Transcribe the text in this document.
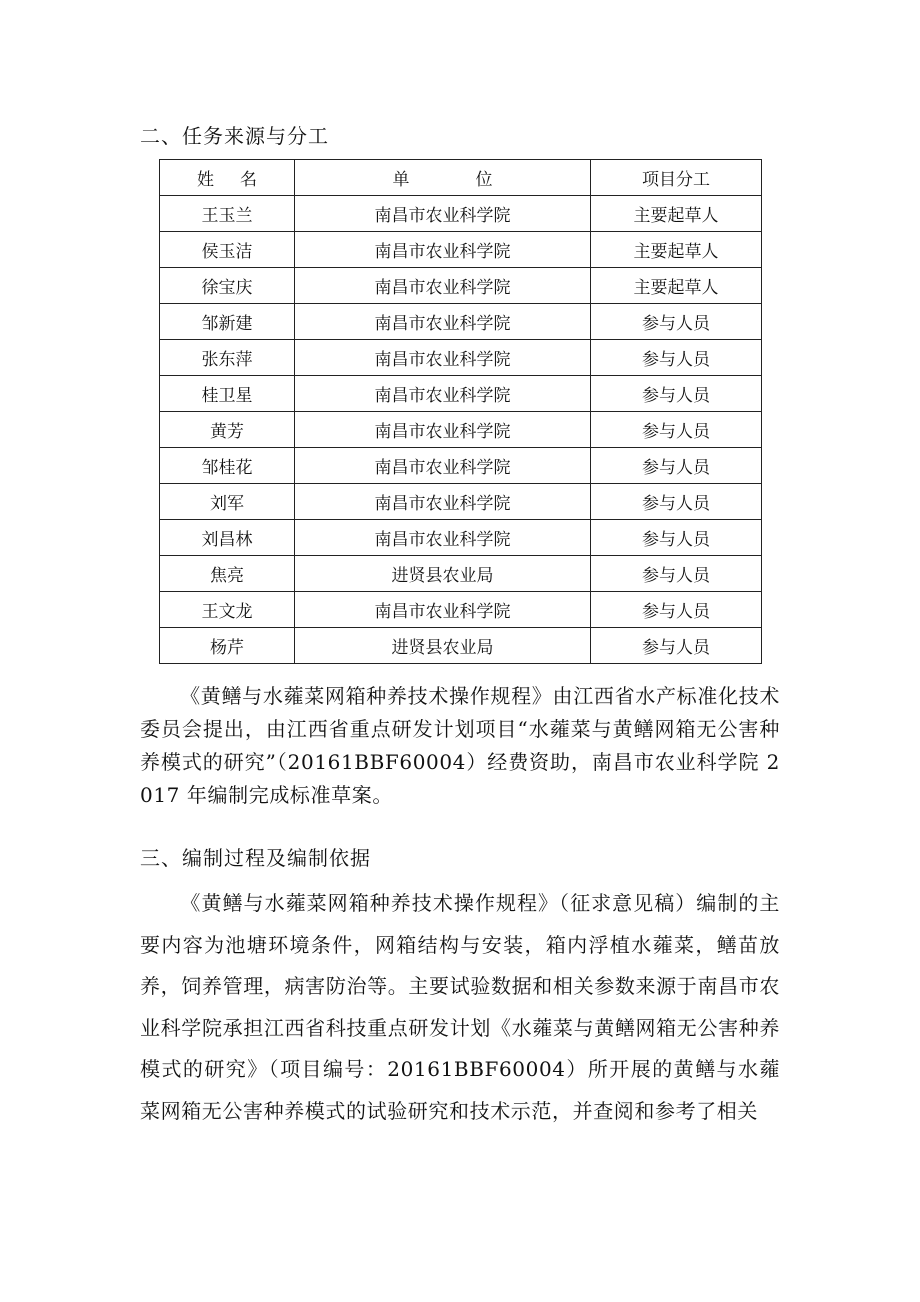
二、任务来源与分工
姓名	单位	项目分工
王玉兰	南昌市农业科学院	主要起草人
侯玉洁	南昌市农业科学院	主要起草人
徐宝庆	南昌市农业科学院	主要起草人
邹新建	南昌市农业科学院	参与人员
张东萍	南昌市农业科学院	参与人员
桂卫星	南昌市农业科学院	参与人员
黄芳	南昌市农业科学院	参与人员
邹桂花	南昌市农业科学院	参与人员
刘军	南昌市农业科学院	参与人员
刘昌林	南昌市农业科学院	参与人员
焦亮	进贤县农业局	参与人员
王文龙	南昌市农业科学院	参与人员
杨芹	进贤县农业局	参与人员
《黄鳝与水蕹菜网箱种养技术操作规程》由江西省水产标准化技术委员会提出，由江西省重点研发计划项目“水蕹菜与黄鳝网箱无公害种养模式的研究”（20161BBF60004）经费资助，南昌市农业科学院 2017 年编制完成标准草案。
三、编制过程及编制依据
《黄鳝与水蕹菜网箱种养技术操作规程》（征求意见稿）编制的主要内容为池塘环境条件，网箱结构与安装，箱内浮植水蕹菜，鳝苗放养，饲养管理，病害防治等。主要试验数据和相关参数来源于南昌市农业科学院承担江西省科技重点研发计划《水蕹菜与黄鳝网箱无公害种养模式的研究》（项目编号：20161BBF60004）所开展的黄鳝与水蕹菜网箱无公害种养模式的试验研究和技术示范，并查阅和参考了相关
